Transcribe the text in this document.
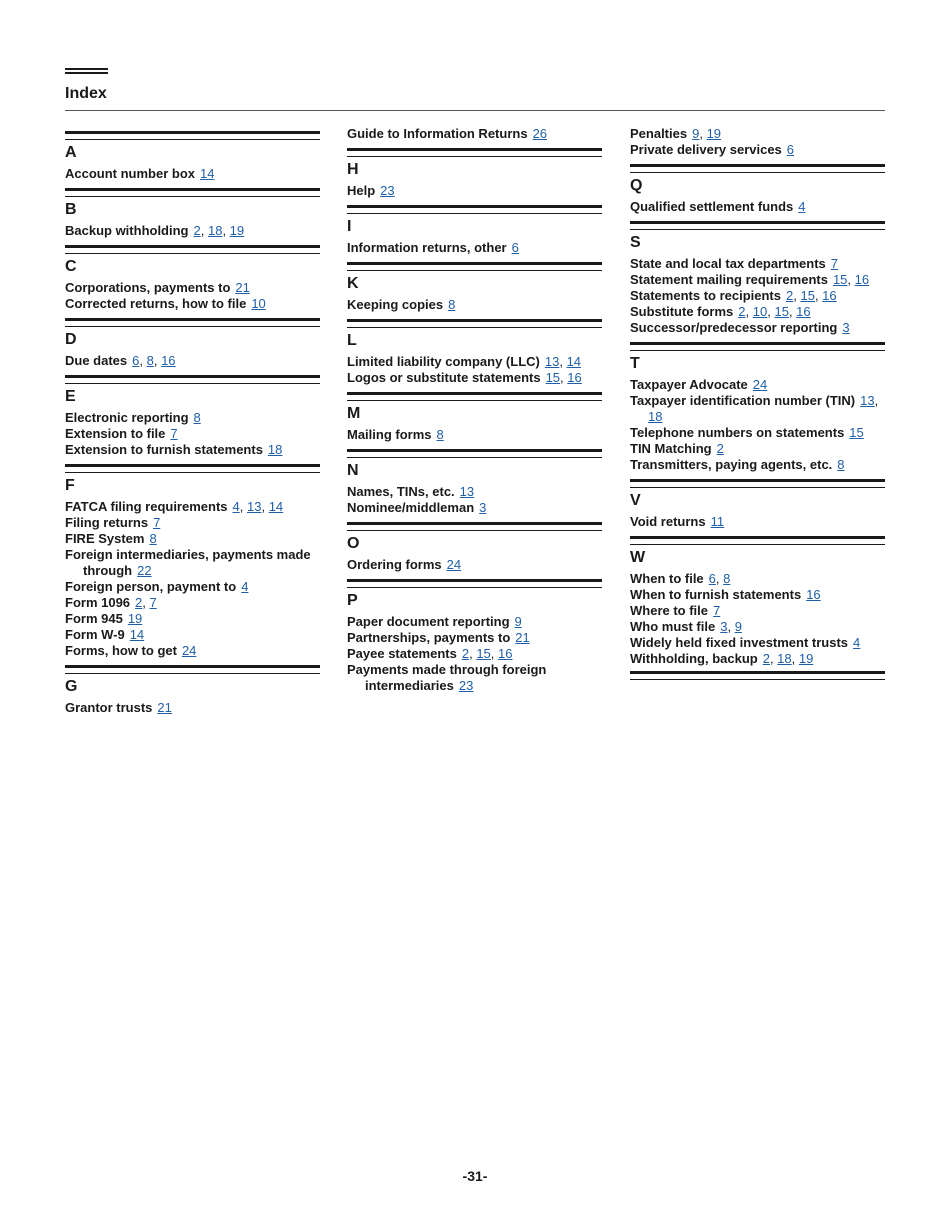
Index
A
Account number box 14
B
Backup withholding 2, 18, 19
C
Corporations, payments to 21
Corrected returns, how to file 10
D
Due dates 6, 8, 16
E
Electronic reporting 8
Extension to file 7
Extension to furnish statements 18
F
FATCA filing requirements 4, 13, 14
Filing returns 7
FIRE System 8
Foreign intermediaries, payments made through 22
Foreign person, payment to 4
Form 1096 2, 7
Form 945 19
Form W-9 14
Forms, how to get 24
G
Grantor trusts 21
Guide to Information Returns 26
H
Help 23
I
Information returns, other 6
K
Keeping copies 8
L
Limited liability company (LLC) 13, 14
Logos or substitute statements 15, 16
M
Mailing forms 8
N
Names, TINs, etc. 13
Nominee/middleman 3
O
Ordering forms 24
P
Paper document reporting 9
Partnerships, payments to 21
Payee statements 2, 15, 16
Payments made through foreign intermediaries 23
Penalties 9, 19
Private delivery services 6
Q
Qualified settlement funds 4
S
State and local tax departments 7
Statement mailing requirements 15, 16
Statements to recipients 2, 15, 16
Substitute forms 2, 10, 15, 16
Successor/predecessor reporting 3
T
Taxpayer Advocate 24
Taxpayer identification number (TIN) 13, 18
Telephone numbers on statements 15
TIN Matching 2
Transmitters, paying agents, etc. 8
V
Void returns 11
W
When to file 6, 8
When to furnish statements 16
Where to file 7
Who must file 3, 9
Widely held fixed investment trusts 4
Withholding, backup 2, 18, 19
-31-
